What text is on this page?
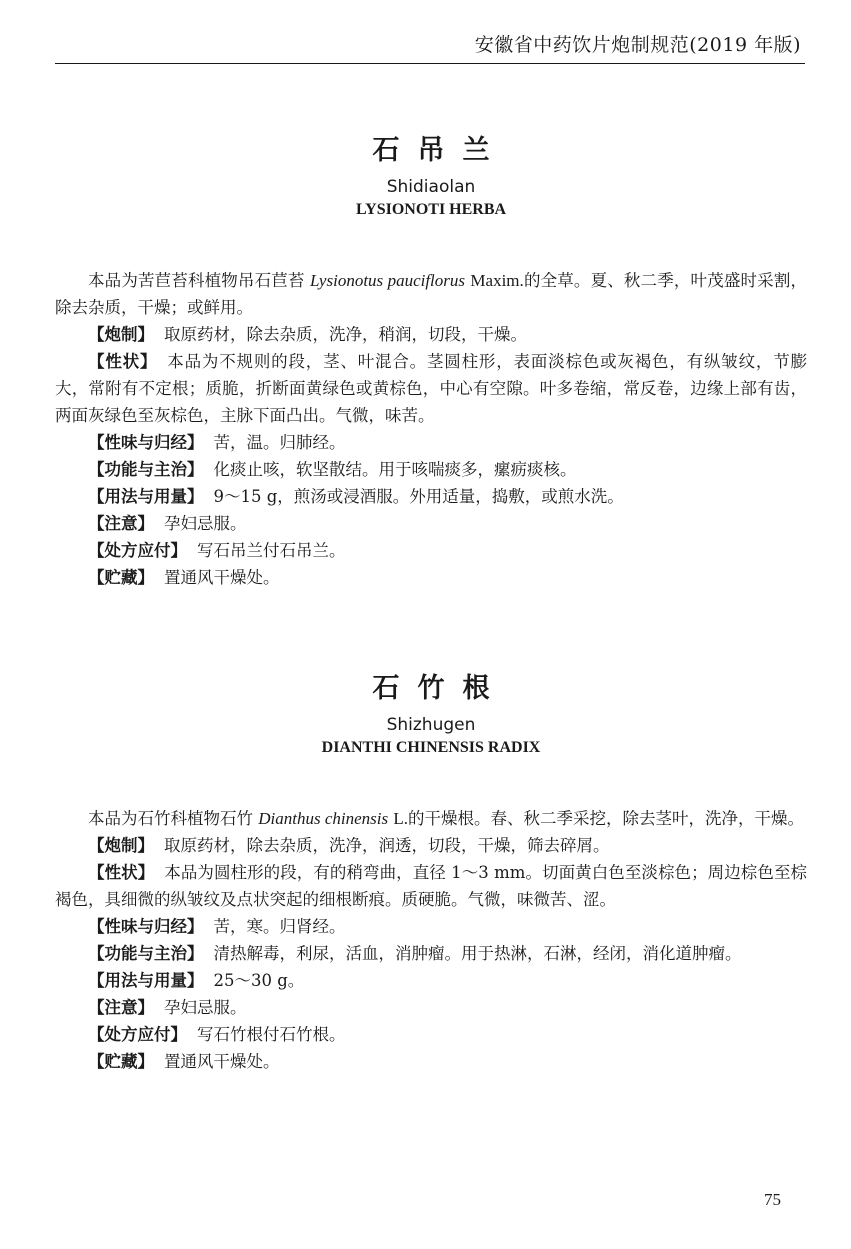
安徽省中药饮片炮制规范(2019 年版)
石吊兰
Shidiaolan
LYSIONOTI HERBA

本品为苦苣苔科植物吊石苣苔 Lysionotus pauciflorus Maxim.的全草。夏、秋二季，叶茂盛时采割，除去杂质，干燥；或鲜用。

【炮制】 取原药材，除去杂质，洗净，稍润，切段，干燥。

【性状】 本品为不规则的段，茎、叶混合。茎圆柱形，表面淡棕色或灰褐色，有纵皱纹，节膨大，常附有不定根；质脆，折断面黄绿色或黄棕色，中心有空隙。叶多卷缩，常反卷，边缘上部有齿，两面灰绿色至灰棕色，主脉下面凸出。气微，味苦。

【性味与归经】 苦，温。归肺经。

【功能与主治】 化痰止咳，软坚散结。用于咳喘痰多，瘰疬痰核。

【用法与用量】 9～15 g，煎汤或浸酒服。外用适量，捣敷，或煎水洗。

【注意】 孕妇忌服。

【处方应付】 写石吊兰付石吊兰。

【贮藏】 置通风干燥处。

石竹根
Shizhugen
DIANTHI CHINENSIS RADIX

本品为石竹科植物石竹 Dianthus chinensis L.的干燥根。春、秋二季采挖，除去茎叶，洗净，干燥。

【炮制】 取原药材，除去杂质，洗净，润透，切段，干燥，筛去碎屑。

【性状】 本品为圆柱形的段，有的稍弯曲，直径 1～3 mm。切面黄白色至淡棕色；周边棕色至棕褐色，具细微的纵皱纹及点状突起的细根断痕。质硬脆。气微，味微苦、涩。

【性味与归经】 苦，寒。归肾经。

【功能与主治】 清热解毒，利尿，活血，消肿瘤。用于热淋，石淋，经闭，消化道肿瘤。

【用法与用量】 25～30 g。

【注意】 孕妇忌服。

【处方应付】 写石竹根付石竹根。

【贮藏】 置通风干燥处。

75
